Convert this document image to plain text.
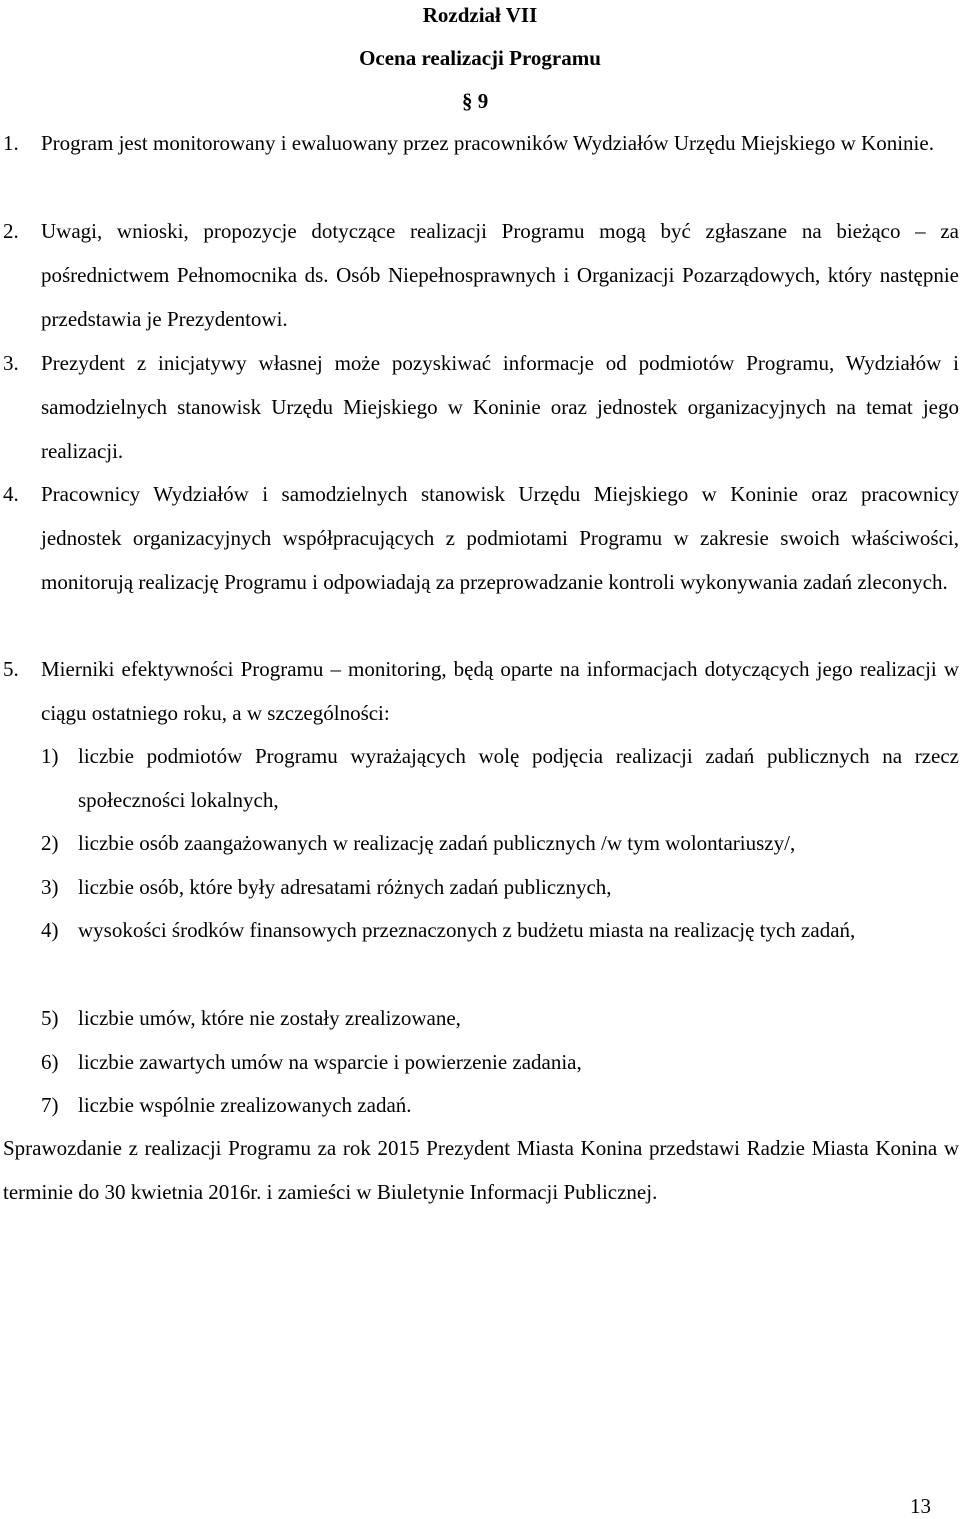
Rozdział VII
Ocena realizacji Programu
§ 9
1. Program jest monitorowany i ewaluowany przez pracowników Wydziałów Urzędu Miejskiego w Koninie.
2. Uwagi, wnioski, propozycje dotyczące realizacji Programu mogą być zgłaszane na bieżąco – za pośrednictwem Pełnomocnika ds. Osób Niepełnosprawnych i Organizacji Pozarządowych, który następnie przedstawia je Prezydentowi.
3. Prezydent z inicjatywy własnej może pozyskiwać informacje od podmiotów Programu, Wydziałów i samodzielnych stanowisk Urzędu Miejskiego w Koninie oraz jednostek organizacyjnych na temat jego realizacji.
4. Pracownicy Wydziałów i samodzielnych stanowisk Urzędu Miejskiego w Koninie oraz pracownicy jednostek organizacyjnych współpracujących z podmiotami Programu w zakresie swoich właściwości, monitorują realizację Programu i odpowiadają za przeprowadzanie kontroli wykonywania zadań zleconych.
5. Mierniki efektywności Programu – monitoring, będą oparte na informacjach dotyczących jego realizacji w ciągu ostatniego roku, a w szczególności:
1) liczbie podmiotów Programu wyrażających wolę podjęcia realizacji zadań publicznych na rzecz społeczności lokalnych,
2) liczbie osób zaangażowanych w realizację zadań publicznych /w tym wolontariuszy/,
3) liczbie osób, które były adresatami różnych zadań publicznych,
4) wysokości środków finansowych przeznaczonych z budżetu miasta na realizację tych zadań,
5) liczbie umów, które nie zostały zrealizowane,
6) liczbie zawartych umów na wsparcie i powierzenie zadania,
7) liczbie wspólnie zrealizowanych zadań.
Sprawozdanie z realizacji Programu za rok 2015 Prezydent Miasta Konina przedstawi Radzie Miasta Konina w terminie do 30 kwietnia 2016r. i zamieści w Biuletynie Informacji Publicznej.
13
